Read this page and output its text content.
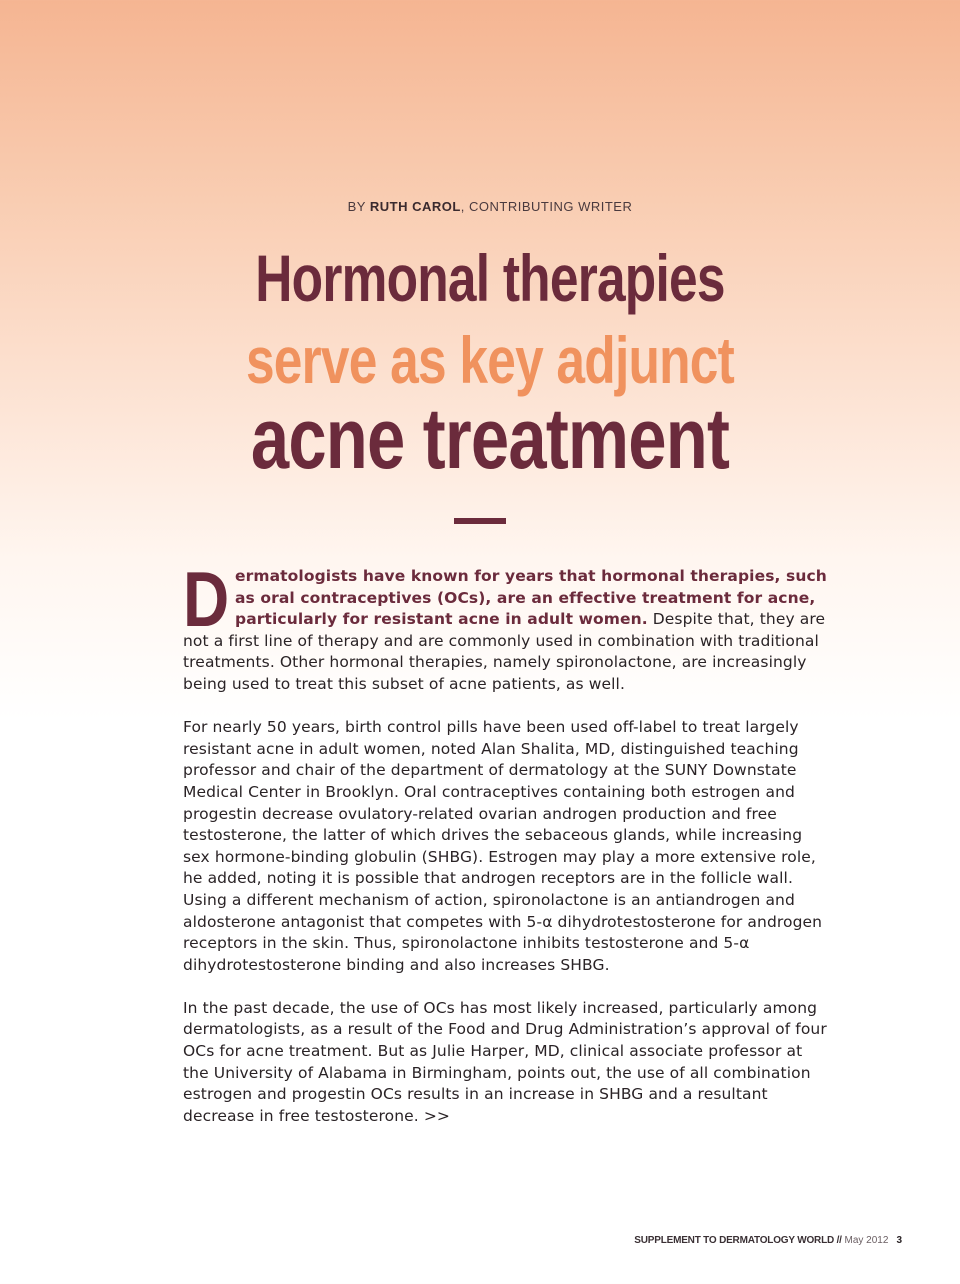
BY RUTH CAROL, CONTRIBUTING WRITER
Hormonal therapies
serve as key adjunct
acne treatment

Dermatologists have known for years that hormonal therapies, such as oral contraceptives (OCs), are an effective treatment for acne, particularly for resistant acne in adult women. Despite that, they are not a first line of therapy and are commonly used in combination with traditional treatments. Other hormonal therapies, namely spironolactone, are increasingly being used to treat this subset of acne patients, as well.

For nearly 50 years, birth control pills have been used off-label to treat largely resistant acne in adult women, noted Alan Shalita, MD, distinguished teaching professor and chair of the department of dermatology at the SUNY Downstate Medical Center in Brooklyn. Oral contraceptives containing both estrogen and progestin decrease ovulatory-related ovarian androgen production and free testosterone, the latter of which drives the sebaceous glands, while increasing sex hormone-binding globulin (SHBG). Estrogen may play a more extensive role, he added, noting it is possible that androgen receptors are in the follicle wall. Using a different mechanism of action, spironolactone is an antiandrogen and aldosterone antagonist that competes with 5-α dihydrotestosterone for androgen receptors in the skin. Thus, spironolactone inhibits testosterone and 5-α dihydrotestosterone binding and also increases SHBG.

In the past decade, the use of OCs has most likely increased, particularly among dermatologists, as a result of the Food and Drug Administration’s approval of four OCs for acne treatment. But as Julie Harper, MD, clinical associate professor at the University of Alabama in Birmingham, points out, the use of all combination estrogen and progestin OCs results in an increase in SHBG and a resultant decrease in free testosterone. >>

SUPPLEMENT TO DERMATOLOGY WORLD // May 2012 3
